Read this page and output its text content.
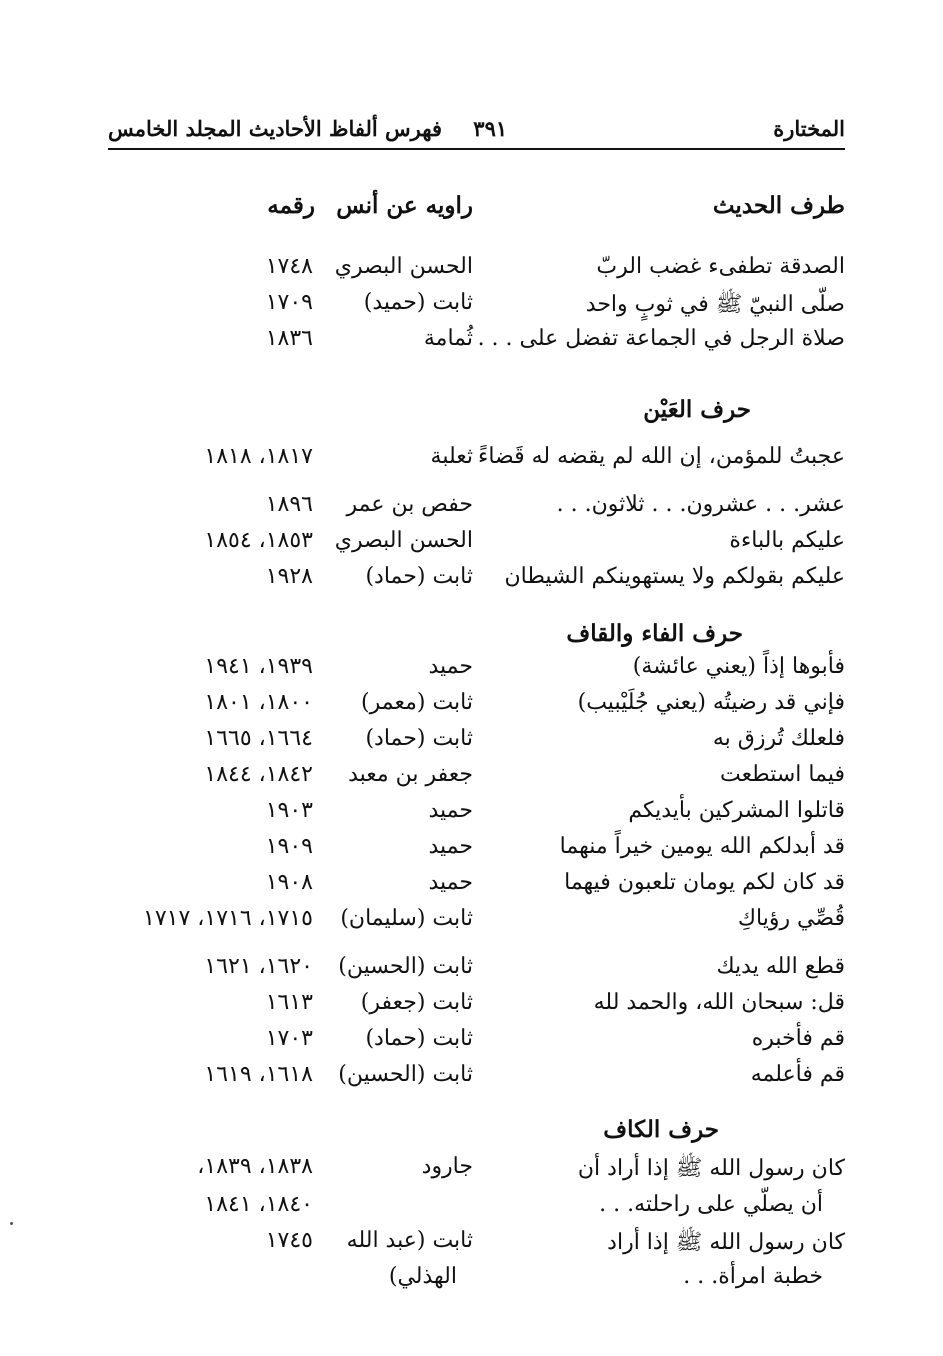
المختارة
٣٩١ فهرس ألفاظ الأحاديث المجلد الخامس
طرف الحديث
راويه عن أنس
رقمه
الصدقة تطفىء غضب الربّ
الحسن البصري
١٧٤٨
صلّى النبيّ ﷺ في ثوبٍ واحد
ثابت (حميد)
١٧٠٩
صلاة الرجل في الجماعة تفضل على . . .
ثُمامة
١٨٣٦
حرف العَيْن
عجبتُ للمؤمن، إن الله لم يقضه له قَضاءً
ثعلبة
١٨١٧، ١٨١٨
عشر. . . عشرون. . . ثلاثون. . .
حفص بن عمر
١٨٩٦
عليكم بالباءة
الحسن البصري
١٨٥٣، ١٨٥٤
عليكم بقولكم ولا يستهوينكم الشيطان
ثابت (حماد)
١٩٢٨
حرف الفاء والقاف
فأبوها إذاً (يعني عائشة)
حميد
١٩٣٩، ١٩٤١
فإني قد رضيتُه (يعني جُلَيْبيب)
ثابت (معمر)
١٨٠٠، ١٨٠١
فلعلك تُرزق به
ثابت (حماد)
١٦٦٤، ١٦٦٥
فيما استطعت
جعفر بن معبد
١٨٤٢، ١٨٤٤
قاتلوا المشركين بأيديكم
حميد
١٩٠٣
قد أبدلكم الله يومين خيراً منهما
حميد
١٩٠٩
قد كان لكم يومان تلعبون فيهما
حميد
١٩٠٨
قُصِّي رؤياكِ
ثابت (سليمان)
١٧١٥، ١٧١٦، ١٧١٧
قطع الله يديك
ثابت (الحسين)
١٦٢٠، ١٦٢١
قل: سبحان الله، والحمد لله
ثابت (جعفر)
١٦١٣
قم فأخبره
ثابت (حماد)
١٧٠٣
قم فأعلمه
ثابت (الحسين)
١٦١٨، ١٦١٩
حرف الكاف
كان رسول الله ﷺ إذا أراد أن
جارود
١٨٣٨، ١٨٣٩،
أن يصلّي على راحلته. . .
١٨٤٠، ١٨٤١
كان رسول الله ﷺ إذا أراد
ثابت (عبد الله
١٧٤٥
خطبة امرأة. . .
الهذلي)
